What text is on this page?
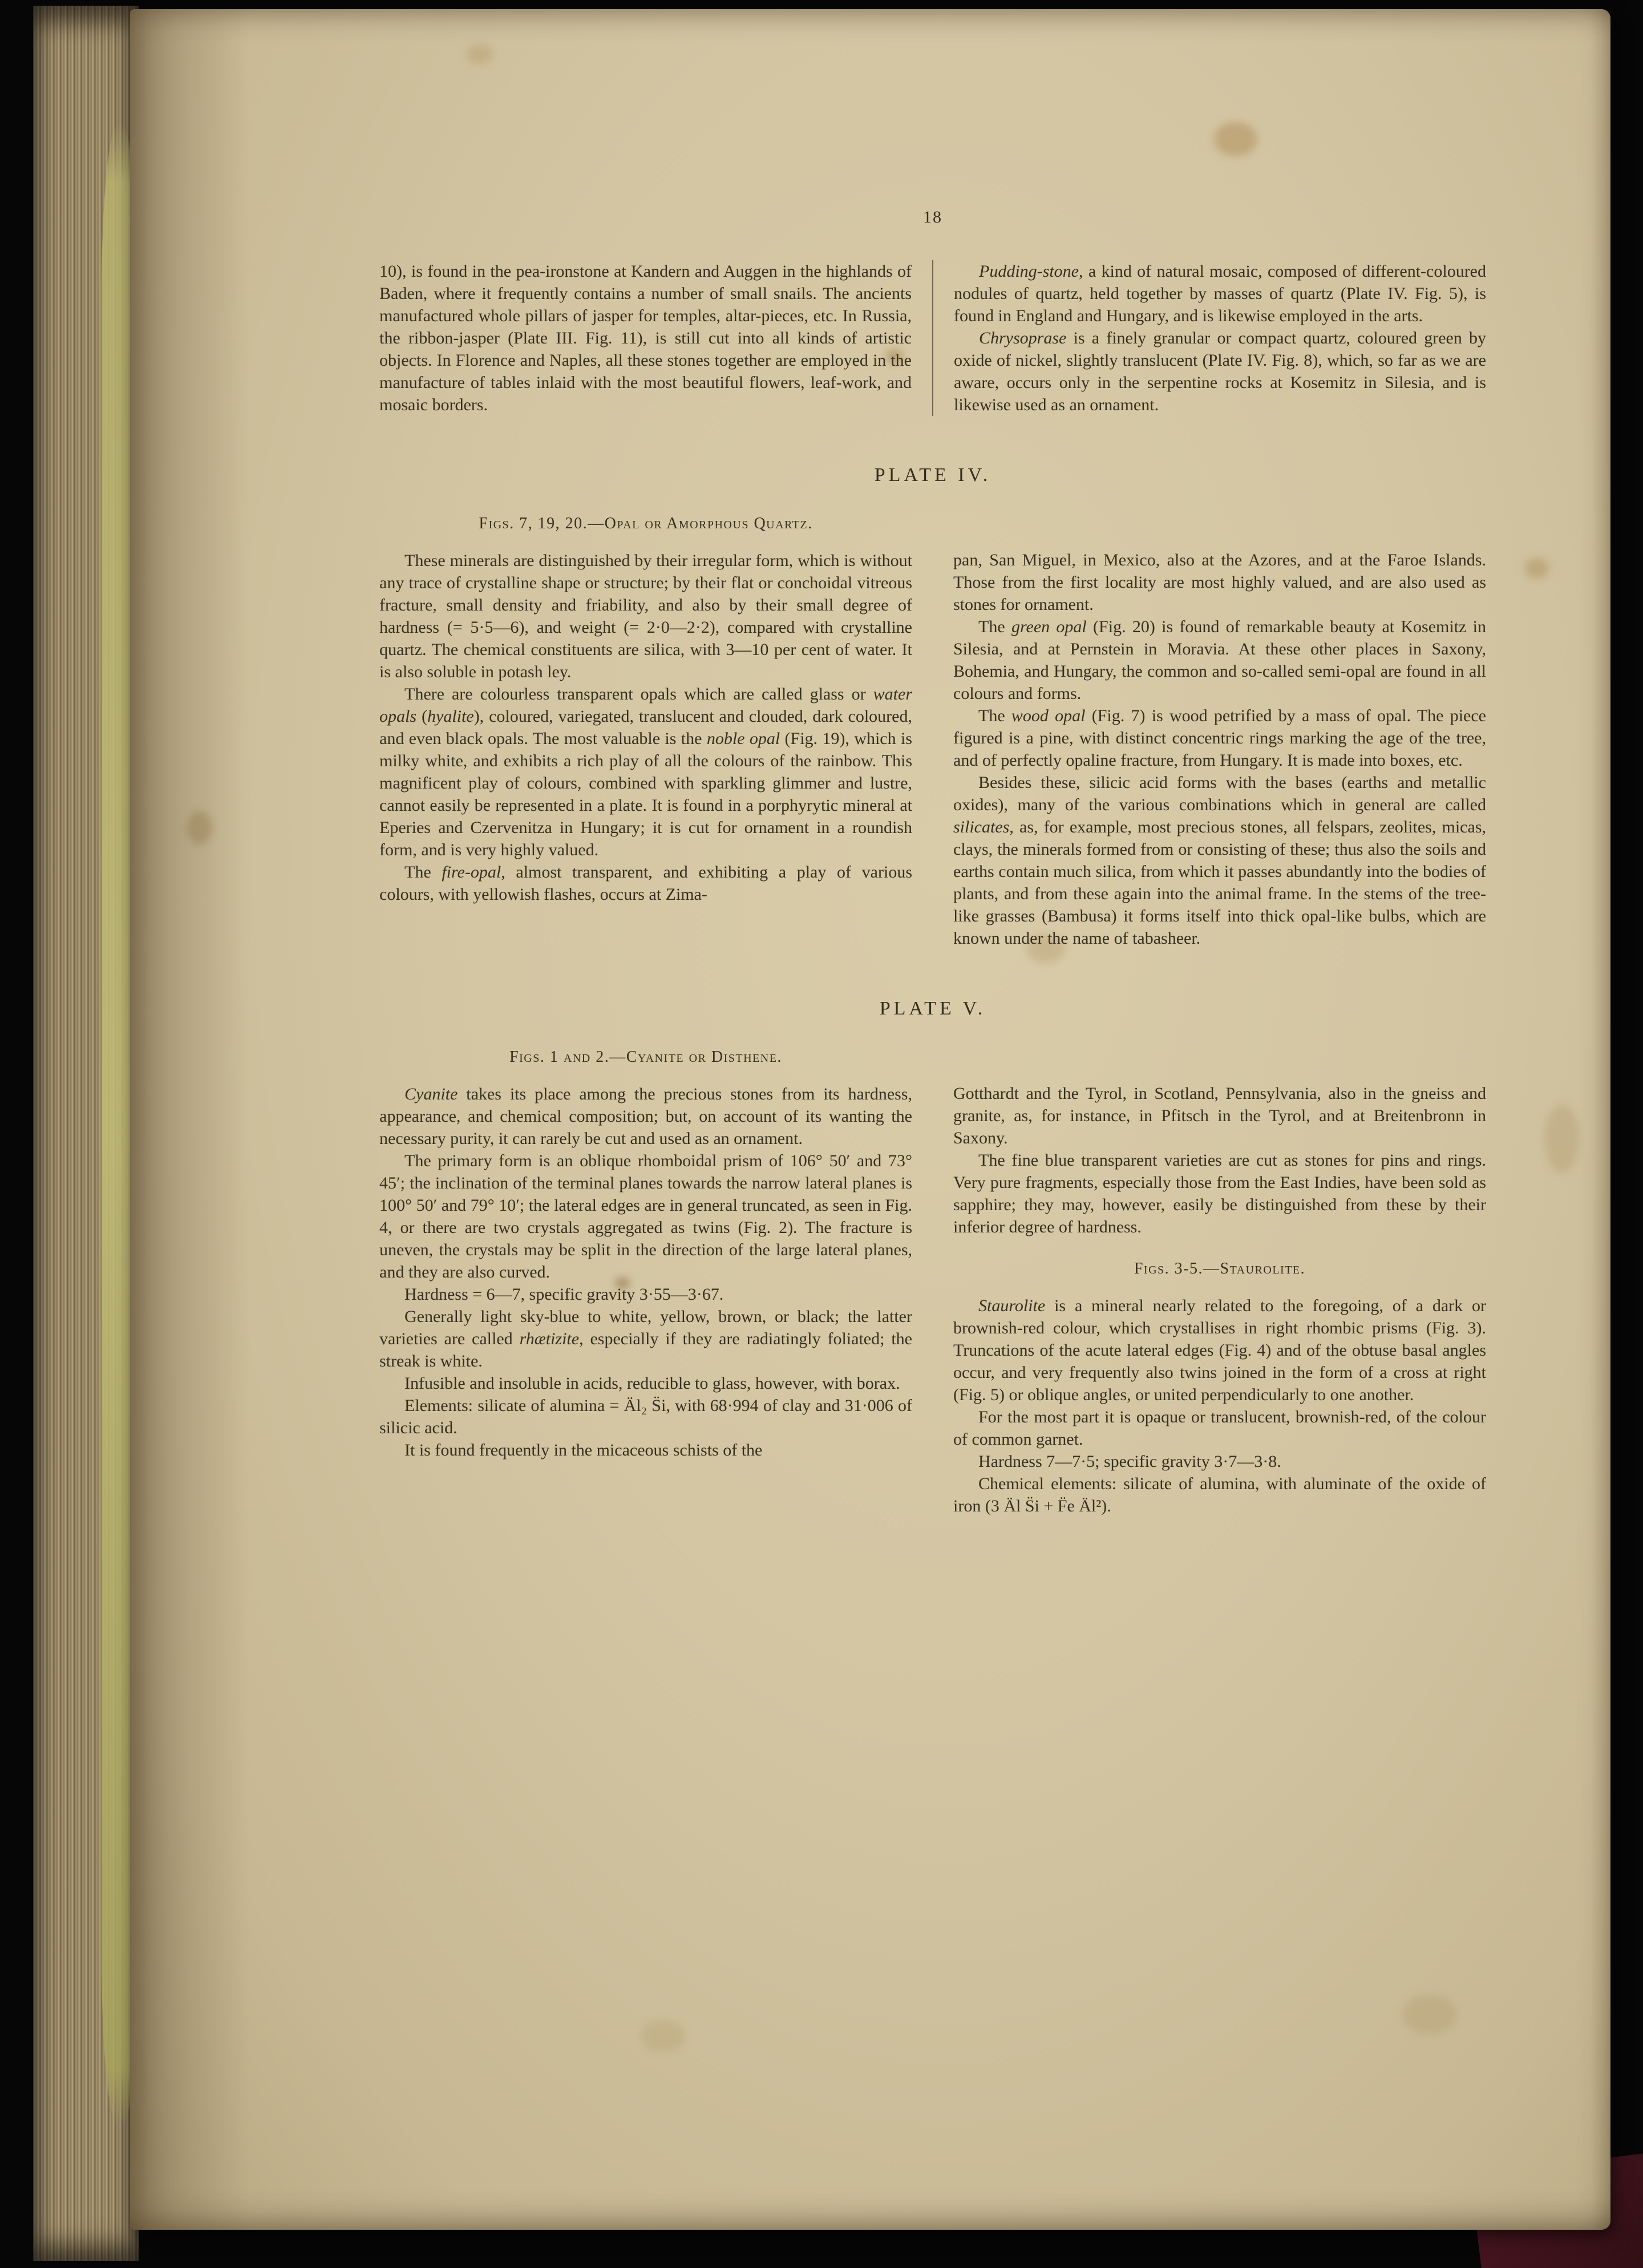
18

10), is found in the pea-ironstone at Kandern and Auggen in the highlands of Baden, where it frequently contains a number of small snails. The ancients manufactured whole pillars of jasper for temples, altar-pieces, etc. In Russia, the ribbon-jasper (Plate III. Fig. 11), is still cut into all kinds of artistic objects. In Florence and Naples, all these stones together are employed in the manufacture of tables inlaid with the most beautiful flowers, leaf-work, and mosaic borders.

Pudding-stone, a kind of natural mosaic, composed of different-coloured nodules of quartz, held together by masses of quartz (Plate IV. Fig. 5), is found in England and Hungary, and is likewise employed in the arts.

Chrysoprase is a finely granular or compact quartz, coloured green by oxide of nickel, slightly translucent (Plate IV. Fig. 8), which, so far as we are aware, occurs only in the serpentine rocks at Kosemitz in Silesia, and is likewise used as an ornament.

PLATE IV.
Figs. 7, 19, 20.—Opal or Amorphous Quartz.

These minerals are distinguished by their irregular form, which is without any trace of crystalline shape or structure; by their flat or conchoidal vitreous fracture, small density and friability, and also by their small degree of hardness (= 5·5—6), and weight (= 2·0—2·2), compared with crystalline quartz. The chemical constituents are silica, with 3—10 per cent of water. It is also soluble in potash ley.

There are colourless transparent opals which are called glass or water opals (hyalite), coloured, variegated, translucent and clouded, dark coloured, and even black opals. The most valuable is the noble opal (Fig. 19), which is milky white, and exhibits a rich play of all the colours of the rainbow. This magnificent play of colours, combined with sparkling glimmer and lustre, cannot easily be represented in a plate. It is found in a porphyrytic mineral at Eperies and Czervenitza in Hungary; it is cut for ornament in a roundish form, and is very highly valued.

The fire-opal, almost transparent, and exhibiting a play of various colours, with yellowish flashes, occurs at Zima-

pan, San Miguel, in Mexico, also at the Azores, and at the Faroe Islands. Those from the first locality are most highly valued, and are also used as stones for ornament.

The green opal (Fig. 20) is found of remarkable beauty at Kosemitz in Silesia, and at Pernstein in Moravia. At these other places in Saxony, Bohemia, and Hungary, the common and so-called semi-opal are found in all colours and forms.

The wood opal (Fig. 7) is wood petrified by a mass of opal. The piece figured is a pine, with distinct concentric rings marking the age of the tree, and of perfectly opaline fracture, from Hungary. It is made into boxes, etc.

Besides these, silicic acid forms with the bases (earths and metallic oxides), many of the various combinations which in general are called silicates, as, for example, most precious stones, all felspars, zeolites, micas, clays, the minerals formed from or consisting of these; thus also the soils and earths contain much silica, from which it passes abundantly into the bodies of plants, and from these again into the animal frame. In the stems of the tree-like grasses (Bambusa) it forms itself into thick opal-like bulbs, which are known under the name of tabasheer.

PLATE V.
Figs. 1 and 2.—Cyanite or Disthene.

Cyanite takes its place among the precious stones from its hardness, appearance, and chemical composition; but, on account of its wanting the necessary purity, it can rarely be cut and used as an ornament.

The primary form is an oblique rhomboidal prism of 106° 50′ and 73° 45′; the inclination of the terminal planes towards the narrow lateral planes is 100° 50′ and 79° 10′; the lateral edges are in general truncated, as seen in Fig. 4, or there are two crystals aggregated as twins (Fig. 2). The fracture is uneven, the crystals may be split in the direction of the large lateral planes, and they are also curved.

Hardness = 6—7, specific gravity 3·55—3·67.

Generally light sky-blue to white, yellow, brown, or black; the latter varieties are called rhætizite, especially if they are radiatingly foliated; the streak is white.

Infusible and insoluble in acids, reducible to glass, however, with borax.

Elements: silicate of alumina = Äl₂ S̈i, with 68·994 of clay and 31·006 of silicic acid.

It is found frequently in the micaceous schists of the

Gotthardt and the Tyrol, in Scotland, Pennsylvania, also in the gneiss and granite, as, for instance, in Pfitsch in the Tyrol, and at Breitenbronn in Saxony.

The fine blue transparent varieties are cut as stones for pins and rings. Very pure fragments, especially those from the East Indies, have been sold as sapphire; they may, however, easily be distinguished from these by their inferior degree of hardness.

Figs. 3-5.—Staurolite.

Staurolite is a mineral nearly related to the foregoing, of a dark or brownish-red colour, which crystallises in right rhombic prisms (Fig. 3). Truncations of the acute lateral edges (Fig. 4) and of the obtuse basal angles occur, and very frequently also twins joined in the form of a cross at right (Fig. 5) or oblique angles, or united perpendicularly to one another.

For the most part it is opaque or translucent, brownish-red, of the colour of common garnet.

Hardness 7—7·5; specific gravity 3·7—3·8.

Chemical elements: silicate of alumina, with aluminate of the oxide of iron (3 Äl S̈i + F̈e Äl²).
